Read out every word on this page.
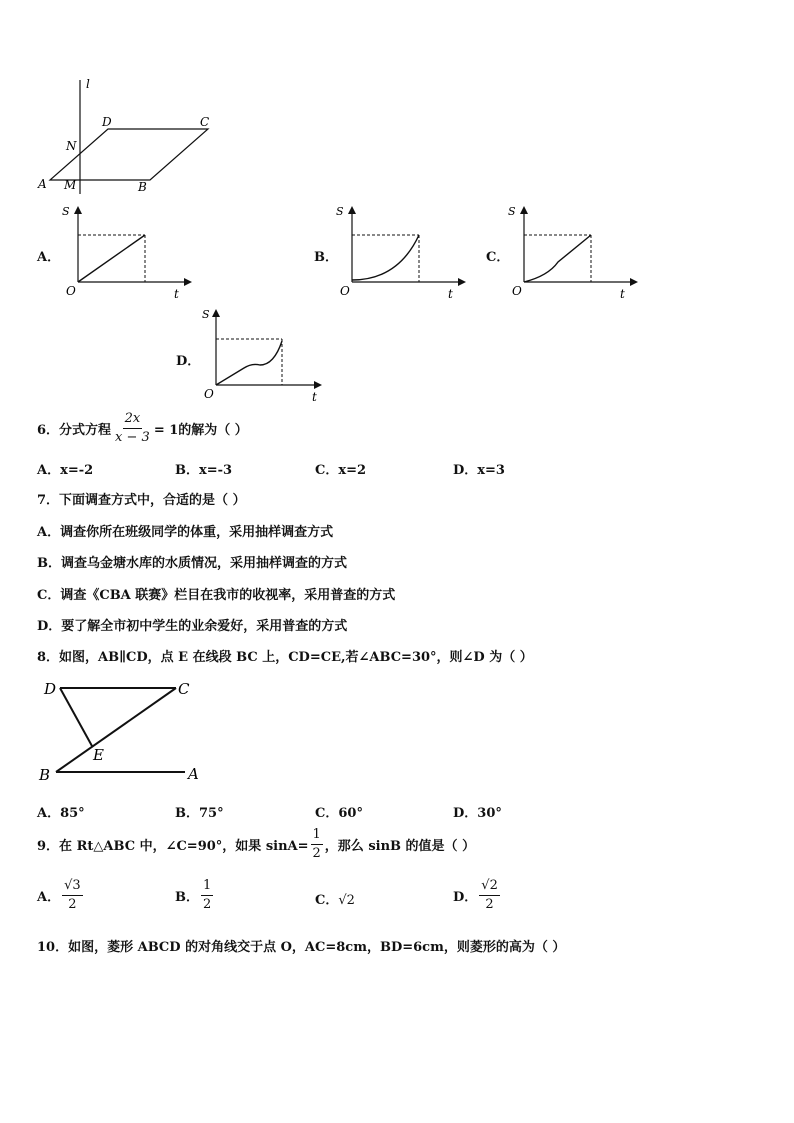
l
D	C
N
A M	B
A．
S
O	t
B．
S
O	t
C．
S
O	t
D．
S
O	t
6．分式方程 $\frac{2x}{x - 3} = 1$的解为（ ）
A．x=-2	B．x=-3	C．x=2	D．x=3
7．下面调查方式中，合适的是（ ）
A．调查你所在班级同学的体重，采用抽样调查方式
B．调查乌金塘水库的水质情况，采用抽样调查的方式
C．调查《CBA 联赛》栏目在我市的收视率，采用普查的方式
D．要了解全市初中学生的业余爱好，采用普查的方式
8．如图，AB∥CD，点 E 在线段 BC 上，CD=CE,若∠ABC=30°，则∠D 为（ ）
D	C
E
B	A
A．85°	B．75°	C．60°	D．30°
9．在 Rt△ABC 中，∠C=90°，如果 $\sin A= \frac{1}{2}$ ，那么 sinB 的值是（ ）
A． $\frac{√3}{2}$	B． $\frac{1}{2}$	C．√2	D． $\frac{√2}{2}$
10．如图，菱形 ABCD 的对角线交于点 O，AC=8cm，BD=6cm，则菱形的高为（ ）
